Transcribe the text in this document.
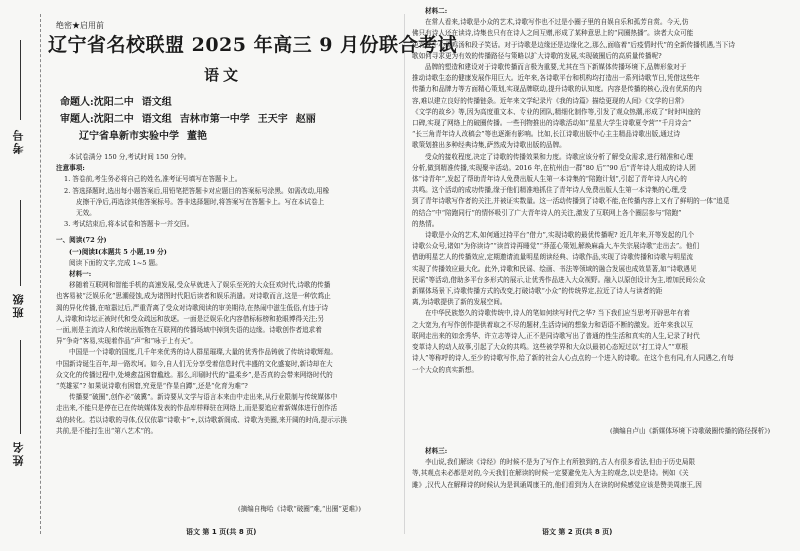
考号
班级
姓名
绝密★启用前
辽宁省名校联盟 2025 年高三 9 月份联合考试
语文
命题人:沈阳二中 语文组
审题人:沈阳二中 语文组 吉林市第一中学 王天宇 赵丽
辽宁省阜新市实验中学 董艳
本试卷满分 150 分,考试时间 150 分钟。
注意事项:
1. 答卷前,考生务必将自己的姓名,准考证号填写在答题卡上。
2. 答选择题时,选出每小题答案后,用铅笔把答题卡对应题目的答案标号涂黑。如需改动,用橡
皮擦干净后,再选涂其他答案标号。答非选择题时,将答案写在答题卡上。写在本试卷上
无效。
3. 考试结束后,将本试卷和答题卡一并交回。
一、阅读(72 分)
(一)阅读Ⅰ(本题共 5 小题,19 分)
阅读下面的文字,完成 1~5 题。
材料一:
移随着互联网和智能手机的高速发展,受众早就进入了娱乐至死的大众狂欢时代,诗歌的传播
也客易被“泛娱乐化”思潮侵蚀,成为诸图时代阳后读者和娱乐消遣。对诗歌而言,这是一种饮鸩止
渴的异化传播,在喧嚣过后,严重背离了受众对诗歌阅读的审美期待,在热闹中滋生低俗,有违于诗
人,诗歌和诗坛正被时代和受众疏远和放逐。一面是泛娱乐化内容借标标榜和抢眼博得关注;另
一面,则是主流诗人和传统出版物在互联网的传播场域中掉到失语的边缘。诗歌创作者追求着
异”争奇”客易,实现着作品”声“和”咏于上有天”。
中国是一个诗歌的国度,几千年来优秀的诗人群星璀璨,大量的优秀作品铸就了传统诗歌辉煌。
中国新诗诞生百年,却一路坎坷。如今,自人们无分享受着信息时代丰盛的文化盛宴时,新诗却在大
众文化的传播过程中,处境愈益困窘尴尬。那么,印刷时代的“温柔乡”,是否真的会带来网络时代的
“英雄冢”? 如果说诗歌有困窘,究竟是“作显自蹲”,还是“化育为难”?
传播要“破圈”,创作必“破冀”。新诗要从文学与语言本来由中走出来,从行业限制与传统媒体中
走出来,不能只是停在已在传统媒体发表的作品库样释驻在网络上,而是要追应着新媒体进行创作活
动的转化。若以诗歌的寻体,仅仅依靠“诗歌卡”+,以诗歌新阁成、诗歌为美圈,来开阔的时尚,提示示换
共前,是不能打生出“第八艺术”的。
(摘编自梅哈《诗歌“破圈”难,“出圈”更难》)
语文 第 1 页(共 8 页)
材料二:
在常人看来,诗歌是小众的艺术,诗歌写作也不过是小圈子里的自娱自乐和孤芳自赏。今天,仿
佛只有诗人还在读诗,诗集也只有在诗人之间互赠,形成了某种意思上的“同圈热播”。读者大众可能
更青睐于心灵鸡汤和段子笑话。对于诗歌是边缘还是边缘化之,那么,面临着“后疫情时代”的全新传播机遇,当下诗
歌如何寻求更为有效的传播路径与策略以扩大诗歌的发展,实现破圈后的高质量传播呢?
品牌的塑造和建设对于诗歌传播而言极为重要,尤其在当下新媒体传播环境下,品牌形象对于
推动诗歌生态的健康发展作用巨大。近年来,各诗歌平台和机构均打造出一系列诗歌节日,凭借这些年
传播力和品牌力等方面精心策划,实现品牌联动,提升诗歌的认知度。内容是传播的核心,没有优质的内
容,难以建立良好的传播链条。近年来文学纪录片《我的诗篇》描绘更现的人间》《文学的日常》
《文学的故乡》等,因为高度重文本、专业的团队,精细化制作等,引发了观众热潮,形成了“时时叫座的
口碑,实现了网络上的破圈传播。一些刊物推出的诗歌活动如“星星大学生诗歌夏令营”“千月诗会”
“长三角青年诗人改稿会”等也逐渐有影响。比如,长江诗歌出版中心主主精品诗歌出版,通过诗
歌策划推出多种经典诗集,萨然成为诗歌出版的品牌。
受众的接收程度,决定了诗歌的传播效果和力度。诗歌应该分析了解受众需求,进行精准和心理
分析,做到精准传播,实现聚辛活动。2016 年,在杭州由一群“80 后”“90 后”青年诗人组成的诗人团
体“诗青年”,发起了帮助青年诗人免费出版人生第一本诗集的“陪跑计划”,引起了青年诗人内心的
共鸣。这个活动的成功传播,缘于他们精准地抓住了青年诗人免费出版人生第一本诗集的心理,受
到了青年诗歌写作者的关注,并被证实数量。这一活动传播到了诗歌不能,在传播内容上又有了鲜明的一体“追觅
的结合”中“陪跑同行”的情怀吸引了广大青年诗人的关注,激发了互联网上各个圈层参与“陪跑”
的热情。
诗歌是小众的艺术,如何通过持平台“借力”,实现诗歌的最优传播呢? 近几年来,开等发起的几个
诗歌公众号,诸如“为你读诗”“读首诗再睡觉”“莽蓝心策划,解焕麻淼大,车失宗展诗歌”走出去”。他们
借助明星艺人的传播效应,定期邀请流量明星朗读经典、诗歌作品,实现了诗歌传播和诗歌与明星流
实现了传播效应最大化。此外,诗歌和民谣、绘画、书法等领域的融合发展也成效显著,如“诗歌遇见
民谣”等活动,借助多平台多形式的展示,让优秀作品进入大众视野。融入以原创设计为主,增加民间公众
新媒体场景下,诗歌传播方式的改变,打破诗歌“小众”的传统界定,拉近了诗人与读者的距
离,为诗歌提供了新的发展空间。
在中华民族悠久的诗歌传统中,诗人的笔如何续写时代之华? 当下我们应当思考开辟思年有着
之大宽为,有写作创作提供着取之不尽的题材,生活诗词的想象力和语语不断的激发。近年来我以互
联网走出来的如余秀华、许立志等诗人,正不是同诗歌写出了普通的性生活和真实的人生,记录了时代
变革诗人的动人故事,引起了大众的共鸣。这些被学界和大众以最初心态短过以“打工诗人”“草根
诗人”等称呼的诗人,至少的诗歌写作,给了新的社会人心点点的一个进入的诗歌。在这个也有同,有人同遇之,有每
一个大众的真实新想。
(摘编自卢山《新媒体环境下诗歌破圈传播的路径探析》)
材料三:
李山说,我们解读《诗经》的时候不是为了写作上有所独到的,古人有很多看法,但由于历史局限
等,其观点未必都是对的,今天我们在解读的时候一定要避免先入为主的观念,以史是诗。例如《关
雎》,汉代人在解释诗的时候认为是讽诵周康王的,他们看到为人在读的时候感觉应该是赞美周康王,因
语文 第 2 页(共 8 页)
